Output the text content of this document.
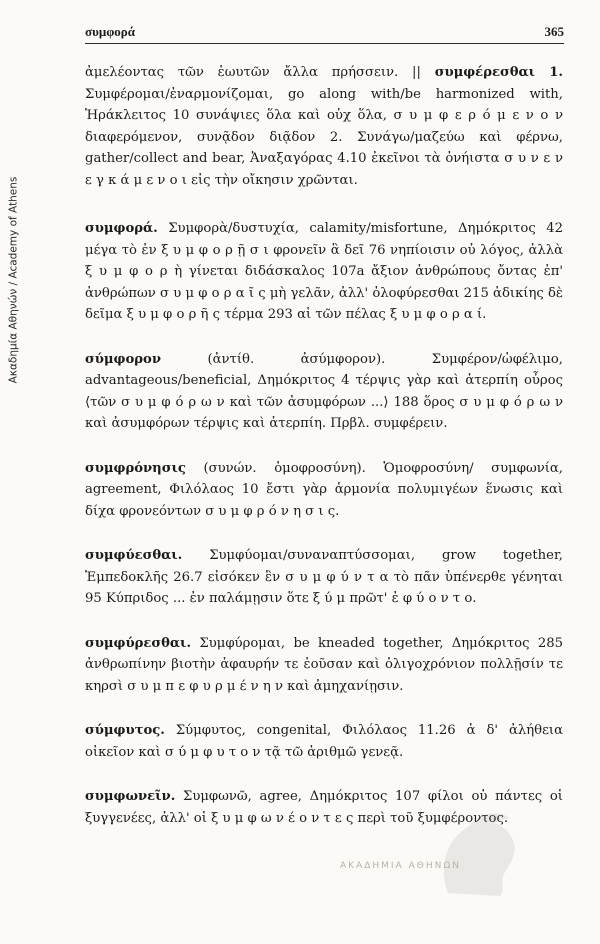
συμφορά	365
Ακαδημία Αθηνών / Academy of Athens

ἀμελέοντας τῶν ἑωυτῶν ἄλλα πρήσσειν. || συμφέρεσθαι 1. Συμφέρομαι/ἐναρμονίζομαι, go along with/be harmonized with, Ἡράκλειτος 10 συνάψιες ὅλα καὶ οὐχ ὅλα, σ υ μ φ ε ρ ό μ ε ν ο ν διαφερόμενον, συνᾷδον διᾷδον 2. Συνάγω/μαζεύω καὶ φέρνω, gather/collect and bear, Ἀναξαγόρας 4.10 ἐκεῖνοι τὰ ὀνήιστα σ υ ν ε ν ε γ κ ά μ ε ν ο ι εἰς τὴν οἴκησιν χρῶνται.

συμφορά. Συμφορὰ/δυστυχία, calamity/misfortune, Δημόκριτος 42 μέγα τὸ ἐν ξ υ μ φ ο ρ ῇ σ ι φρονεῖν ἃ δεῖ 76 νηπίοισιν οὐ λόγος, ἀλλὰ ξ υ μ φ ο ρ ὴ γίνεται διδάσκαλος 107a ἄξιον ἀνθρώπους ὄντας ἐπ' ἀνθρώπων σ υ μ φ ο ρ α ῖ ς μὴ γελᾶν, ἀλλ' ὀλοφύρεσθαι 215 ἀδικίης δὲ δεῖμα ξ υ μ φ ο ρ ῆ ς τέρμα 293 αἱ τῶν πέλας ξ υ μ φ ο ρ α ί.

σύμφορον	(ἀντίθ. ἀσύμφορον). Συμφέρον/ὠφέλιμο, advantageous/beneficial, Δημόκριτος 4 τέρψις γὰρ καὶ ἀτερπίη οὖρος ⟨τῶν σ υ μ φ ό ρ ω ν καὶ τῶν ἀσυμφόρων ...⟩ 188 ὅρος σ υ μ φ ό ρ ω ν καὶ ἀσυμφόρων τέρψις καὶ ἀτερπίη. Πρβλ. συμφέρειν.

συμφρόνησις (συνών. ὁμοφροσύνη). Ὁμοφροσύνη/ συμφωνία, agreement, Φιλόλαος 10 ἔστι γὰρ ἁρμονία πολυμιγέων ἕνωσις καὶ δίχα φρονεόντων σ υ μ φ ρ ό ν η σ ι ς.

συμφύεσθαι. Συμφύομαι/συναναπτύσσομαι, grow together, Ἐμπεδοκλῆς 26.7 εἰσόκεν ἓν σ υ μ φ ύ ν τ α τὸ πᾶν ὑπένερθε γένηται 95 Κύπριδος ... ἐν παλάμῃσιν ὅτε ξ ύ μ πρῶτ' ἐ φ ύ ο ν τ ο.

συμφύρεσθαι. Συμφύρομαι, be kneaded together, Δημόκριτος 285 ἀνθρωπίνην βιοτὴν ἀφαυρήν τε ἐοῦσαν καὶ ὀλιγοχρόνιον πολλῇσίν τε κηρσὶ σ υ μ π ε φ υ ρ μ έ ν η ν καὶ ἀμηχανίῃσιν.

σύμφυτος. Σύμφυτος, congenital, Φιλόλαος 11.26 ἁ δ' ἀλήθεια οἰκεῖον καὶ σ ύ μ φ υ τ ο ν τᾷ τῶ ἀριθμῶ γενεᾷ.

συμφωνεῖν. Συμφωνῶ, agree, Δημόκριτος 107 φίλοι οὐ πάντες οἱ ξυγγενέες, ἀλλ' οἱ ξ υ μ φ ω ν έ ο ν τ ε ς περὶ τοῦ ξυμφέροντος.

ΑΚΑΔΗΜΙΑ ΑΘΗΝΩΝ
